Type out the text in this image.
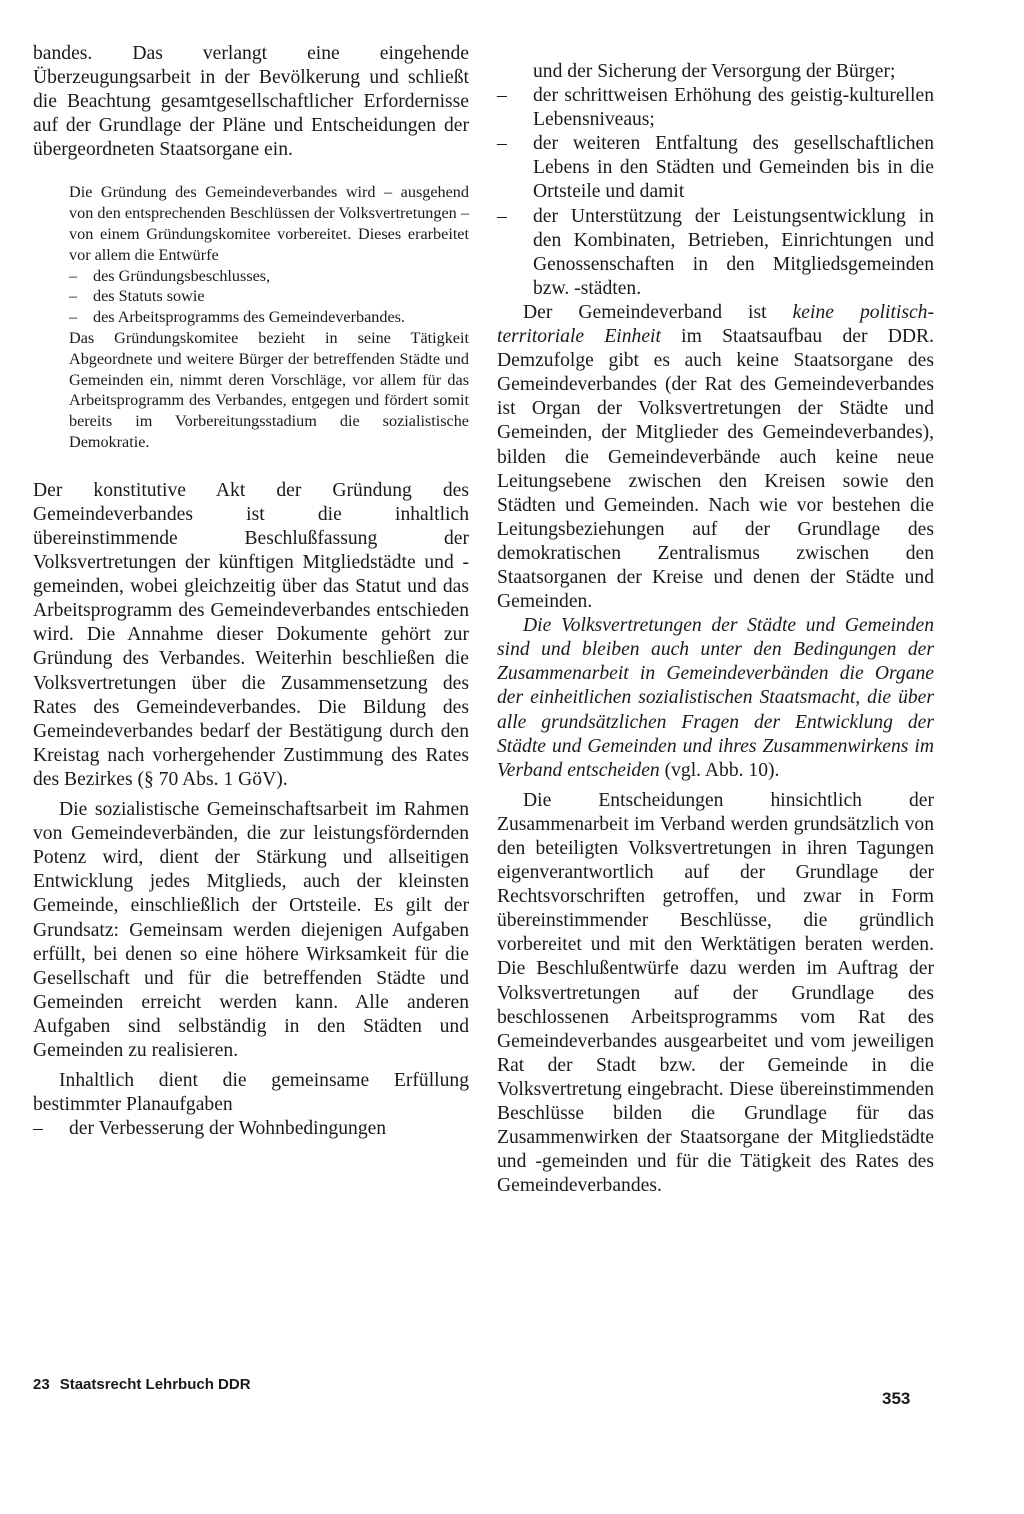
bandes. Das verlangt eine eingehende Überzeugungsarbeit in der Bevölkerung und schließt die Beachtung gesamtgesellschaftlicher Erfordernisse auf der Grundlage der Pläne und Entscheidungen der übergeordneten Staatsorgane ein.

Die Gründung des Gemeindeverbandes wird – ausgehend von den entsprechenden Beschlüssen der Volksvertretungen – von einem Gründungskomitee vorbereitet. Dieses erarbeitet vor allem die Entwürfe

– des Gründungsbeschlusses,
– des Statuts sowie
– des Arbeitsprogramms des Gemeindeverbandes.

Das Gründungskomitee bezieht in seine Tätigkeit Abgeordnete und weitere Bürger der betreffenden Städte und Gemeinden ein, nimmt deren Vorschläge, vor allem für das Arbeitsprogramm des Verbandes, entgegen und fördert somit bereits im Vorbereitungsstadium die sozialistische Demokratie.

Der konstitutive Akt der Gründung des Gemeindeverbandes ist die inhaltlich übereinstimmende Beschlußfassung der Volksvertretungen der künftigen Mitgliedstädte und -gemeinden, wobei gleichzeitig über das Statut und das Arbeitsprogramm des Gemeindeverbandes entschieden wird. Die Annahme dieser Dokumente gehört zur Gründung des Verbandes. Weiterhin beschließen die Volksvertretungen über die Zusammensetzung des Rates des Gemeindeverbandes. Die Bildung des Gemeindeverbandes bedarf der Bestätigung durch den Kreistag nach vorhergehender Zustimmung des Rates des Bezirkes (§ 70 Abs. 1 GöV).

Die sozialistische Gemeinschaftsarbeit im Rahmen von Gemeindeverbänden, die zur leistungsfördernden Potenz wird, dient der Stärkung und allseitigen Entwicklung jedes Mitglieds, auch der kleinsten Gemeinde, einschließlich der Ortsteile. Es gilt der Grundsatz: Gemeinsam werden diejenigen Aufgaben erfüllt, bei denen so eine höhere Wirksamkeit für die Gesellschaft und für die betreffenden Städte und Gemeinden erreicht werden kann. Alle anderen Aufgaben sind selbständig in den Städten und Gemeinden zu realisieren.

Inhaltlich dient die gemeinsame Erfüllung bestimmter Planaufgaben

–	der Verbesserung der Wohnbedingungen
und der Sicherung der Versorgung der Bürger;
–	der schrittweisen Erhöhung des geistig-kulturellen Lebensniveaus;
–	der weiteren Entfaltung des gesellschaftlichen Lebens in den Städten und Gemeinden bis in die Ortsteile und damit
–	der Unterstützung der Leistungsentwicklung in den Kombinaten, Betrieben, Einrichtungen und Genossenschaften in den Mitgliedsgemeinden bzw. -städten.

Der Gemeindeverband ist keine politisch-territoriale Einheit im Staatsaufbau der DDR. Demzufolge gibt es auch keine Staatsorgane des Gemeindeverbandes (der Rat des Gemeindeverbandes ist Organ der Volksvertretungen der Städte und Gemeinden, der Mitglieder des Gemeindeverbandes), bilden die Gemeindeverbände auch keine neue Leitungsebene zwischen den Kreisen sowie den Städten und Gemeinden. Nach wie vor bestehen die Leitungsbeziehungen auf der Grundlage des demokratischen Zentralismus zwischen den Staatsorganen der Kreise und denen der Städte und Gemeinden.

Die Volksvertretungen der Städte und Gemeinden sind und bleiben auch unter den Bedingungen der Zusammenarbeit in Gemeindeverbänden die Organe der einheitlichen sozialistischen Staatsmacht, die über alle grundsätzlichen Fragen der Entwicklung der Städte und Gemeinden und ihres Zusammenwirkens im Verband entscheiden (vgl. Abb. 10).

Die Entscheidungen hinsichtlich der Zusammenarbeit im Verband werden grundsätzlich von den beteiligten Volksvertretungen in ihren Tagungen eigenverantwortlich auf der Grundlage der Rechtsvorschriften getroffen, und zwar in Form übereinstimmender Beschlüsse, die gründlich vorbereitet und mit den Werktätigen beraten werden. Die Beschlußentwürfe dazu werden im Auftrag der Volksvertretungen auf der Grundlage des beschlossenen Arbeitsprogramms vom Rat des Gemeindeverbandes ausgearbeitet und vom jeweiligen Rat der Stadt bzw. der Gemeinde in die Volksvertretung eingebracht. Diese übereinstimmenden Beschlüsse bilden die Grundlage für das Zusammenwirken der Staatsorgane der Mitgliedstädte und -gemeinden und für die Tätigkeit des Rates des Gemeindeverbandes.

23 Staatsrecht Lehrbuch DDR
353
